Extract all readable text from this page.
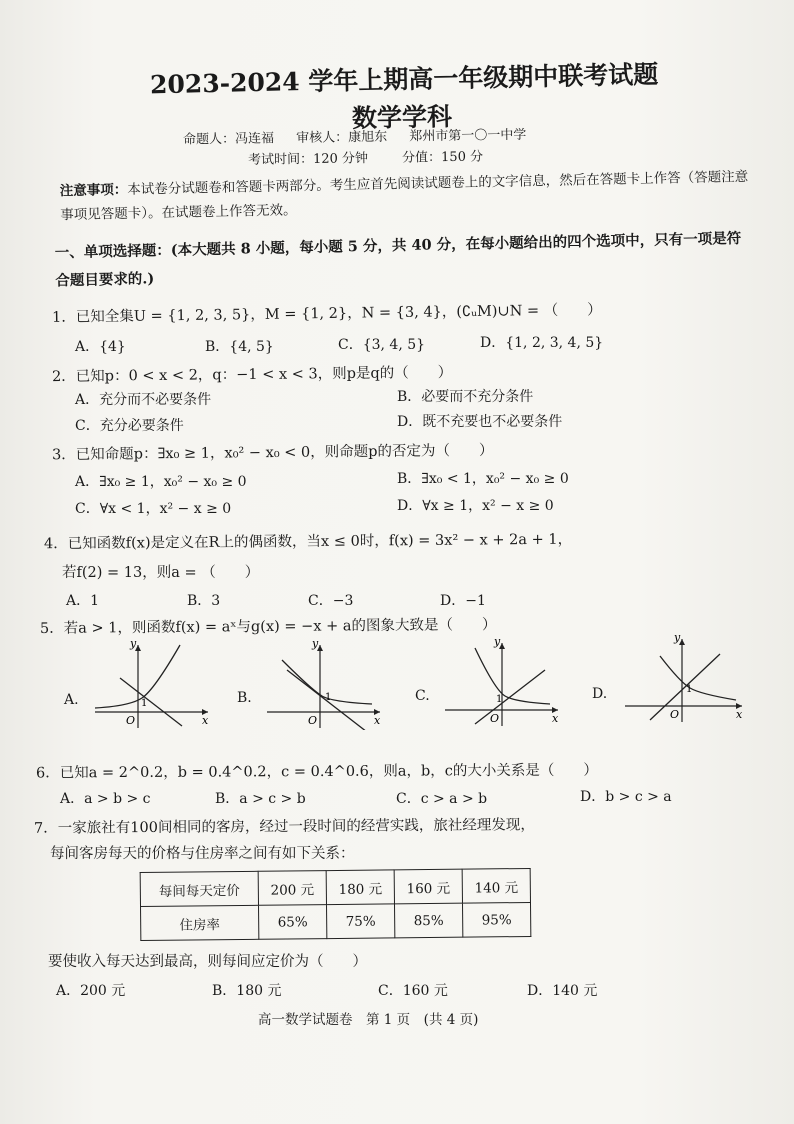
2023-2024 学年上期高一年级期中联考试题
数学学科
命题人：冯连福 审核人：康旭东 郑州市第一〇一中学
考试时间：120 分钟	分值：150 分
注意事项：本试卷分试题卷和答题卡两部分。考生应首先阅读试题卷上的文字信息，然后在答题卡上作答（答题注意事项见答题卡）。在试题卷上作答无效。
一、单项选择题：(本大题共 8 小题，每小题 5 分，共 40 分，在每小题给出的四个选项中，只有一项是符合题目要求的.)
1．已知全集U = {1, 2, 3, 5}，M = {1, 2}，N = {3, 4}，(∁ᵤM)∪N = （　　）
A．{4}	B．{4, 5}	C．{3, 4, 5}	D．{1, 2, 3, 4, 5}
2．已知p：0 < x < 2，q：−1 < x < 3，则p是q的（　　）
A．充分而不必要条件	B．必要而不充分条件
C．充分必要条件	D．既不充要也不必要条件
3．已知命题p：∃x₀ ≥ 1，x₀² − x₀ < 0，则命题p的否定为（　　）
A．∃x₀ ≥ 1，x₀² − x₀ ≥ 0	B．∃x₀ < 1，x₀² − x₀ ≥ 0
C．∀x < 1，x² − x ≥ 0	D．∀x ≥ 1，x² − x ≥ 0
4．已知函数f(x)是定义在R上的偶函数，当x ≤ 0时，f(x) = 3x² − x + 2a + 1，
若f(2) = 13，则a = （　　）
A．1	B．3	C．−3	D．−1
5．若a > 1，则函数f(x) = aˣ与g(x) = −x + a的图象大致是（　　）
A.	B.	C.	D.
y
x
O
1
y
x
O
1
y
x
O
1
y
x
O
1
6．已知a = 2^0.2，b = 0.4^0.2，c = 0.4^0.6，则a，b，c的大小关系是（　　）
A．a > b > c	B．a > c > b	C．c > a > b	D．b > c > a
7．一家旅社有100间相同的客房，经过一段时间的经营实践，旅社经理发现，
每间客房每天的价格与住房率之间有如下关系：
每间每天定价	200 元	180 元	160 元	140 元
住房率	65%	75%	85%	95%
要使收入每天达到最高，则每间应定价为（　　）
A．200 元	B．180 元	C．160 元	D．140 元
高一数学试题卷　第 1 页　(共 4 页)
